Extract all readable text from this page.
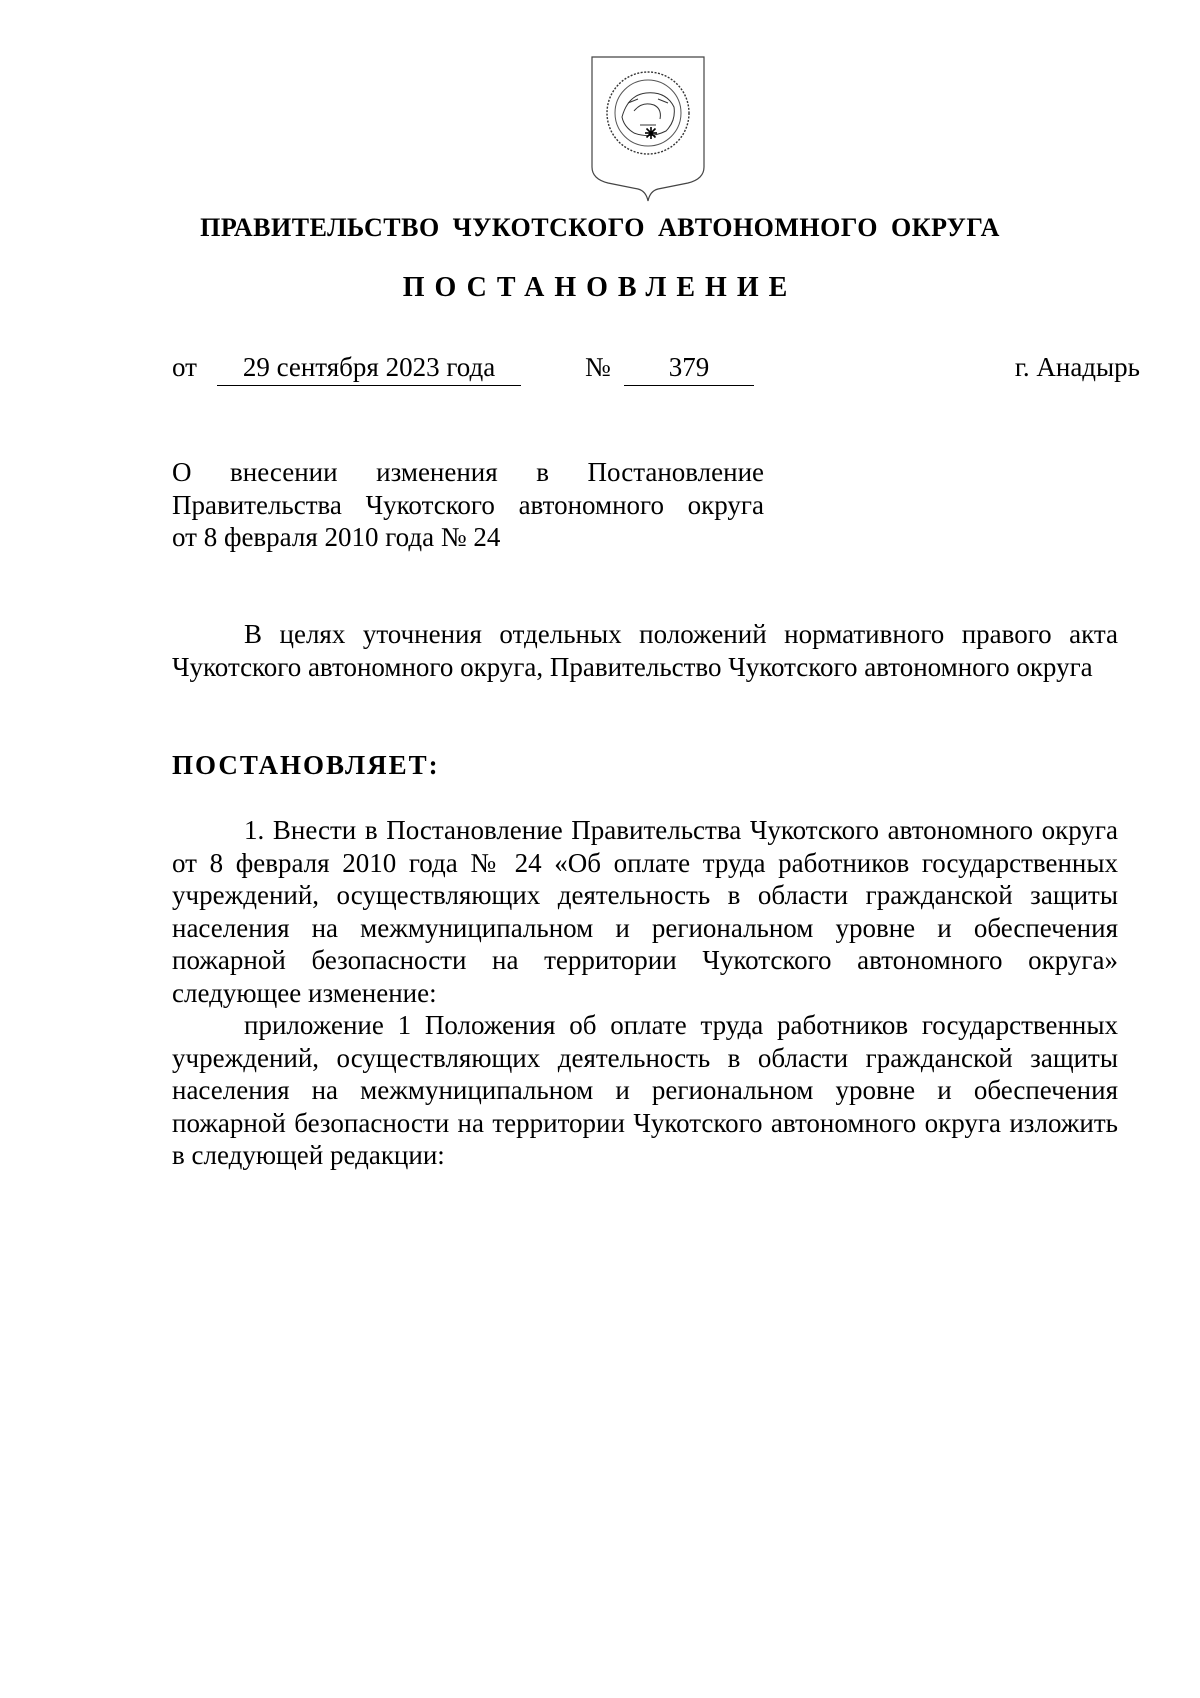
ПРАВИТЕЛЬСТВО ЧУКОТСКОГО АВТОНОМНОГО ОКРУГА
ПОСТАНОВЛЕНИЕ
от	29 сентября 2023 года	№	379	г. Анадырь
О внесении изменения в Постановление
Правительства Чукотского автономного округа
от 8 февраля 2010 года № 24

В целях уточнения отдельных положений нормативного правого акта Чукотского автономного округа, Правительство Чукотского автономного округа

ПОСТАНОВЛЯЕТ:

1. Внести в Постановление Правительства Чукотского автономного округа от 8 февраля 2010 года № 24 «Об оплате труда работников государственных учреждений, осуществляющих деятельность в области гражданской защиты населения на межмуниципальном и региональном уровне и обеспечения пожарной безопасности на территории Чукотского автономного округа» следующее изменение:

приложение 1 Положения об оплате труда работников государственных учреждений, осуществляющих деятельность в области гражданской защиты населения на межмуниципальном и региональном уровне и обеспечения пожарной безопасности на территории Чукотского автономного округа изложить в следующей редакции:
